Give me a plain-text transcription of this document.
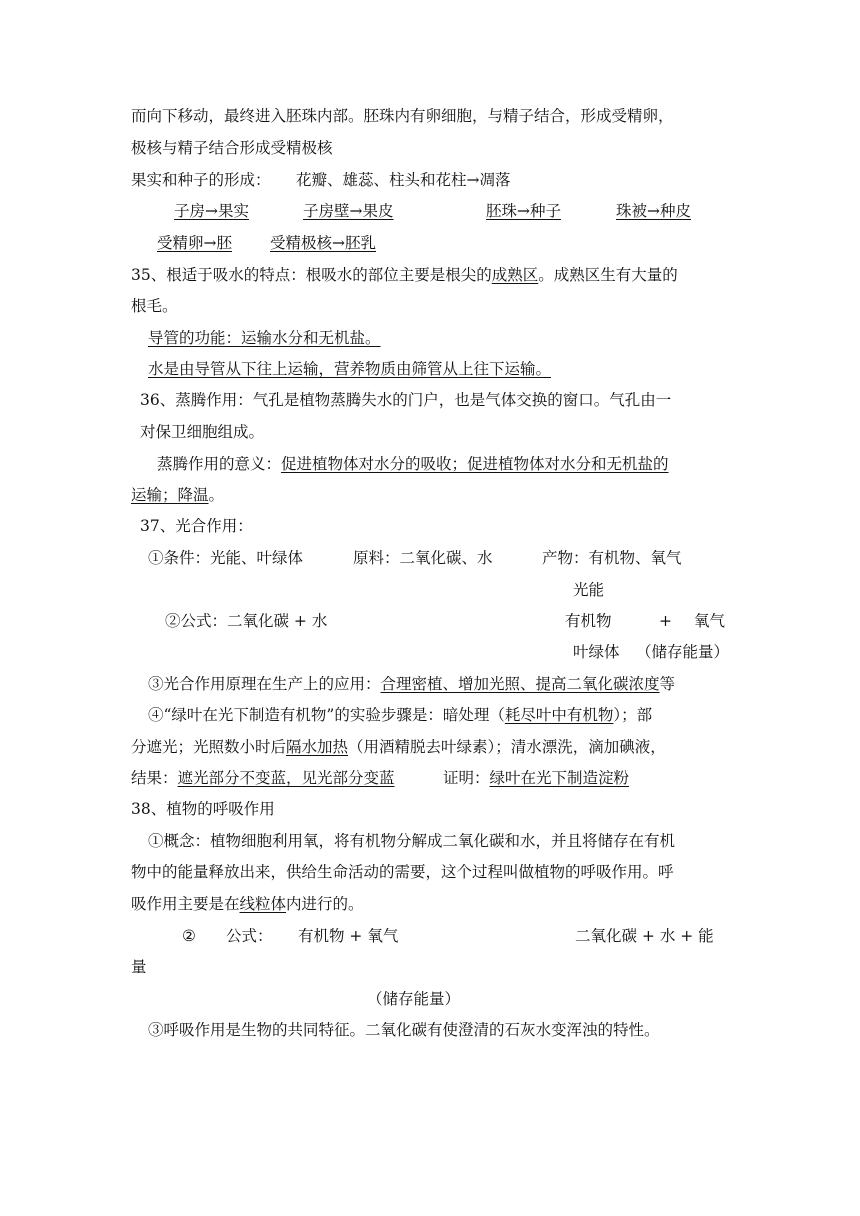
而向下移动，最终进入胚珠内部。胚珠内有卵细胞，与精子结合，形成受精卵，
极核与精子结合形成受精极核
果实和种子的形成： 花瓣、雄蕊、柱头和花柱→凋落
子房→果实	子房壁→果皮	胚珠→种子	珠被→种皮
受精卵→胚 受精极核→胚乳
35、根适于吸水的特点：根吸水的部位主要是根尖的成熟区。成熟区生有大量的
根毛。
导管的功能：运输水分和无机盐。
水是由导管从下往上运输，营养物质由筛管从上往下运输。
36、蒸腾作用：气孔是植物蒸腾失水的门户，也是气体交换的窗口。气孔由一
对保卫细胞组成。
蒸腾作用的意义：促进植物体对水分的吸收；促进植物体对水分和无机盐的
运输；降温。
37、光合作用：
①条件：光能、叶绿体	原料：二氧化碳、水	产物：有机物、氧气
光能
②公式：二氧化碳 + 水	有机物	+ 氧气
叶绿体 （储存能量）
③光合作用原理在生产上的应用：合理密植、增加光照、提高二氧化碳浓度等
④“绿叶在光下制造有机物”的实验步骤是：暗处理（耗尽叶中有机物）；部
分遮光；光照数小时后隔水加热（用酒精脱去叶绿素）；清水漂洗，滴加碘液，
结果：遮光部分不变蓝，见光部分变蓝	证明：绿叶在光下制造淀粉
38、植物的呼吸作用
①概念：植物细胞利用氧，将有机物分解成二氧化碳和水，并且将储存在有机
物中的能量释放出来，供给生命活动的需要，这个过程叫做植物的呼吸作用。呼
吸作用主要是在线粒体内进行的。
② 公式： 有机物 + 氧气	二氧化碳 + 水 + 能
量
（储存能量）
③呼吸作用是生物的共同特征。二氧化碳有使澄清的石灰水变浑浊的特性。
